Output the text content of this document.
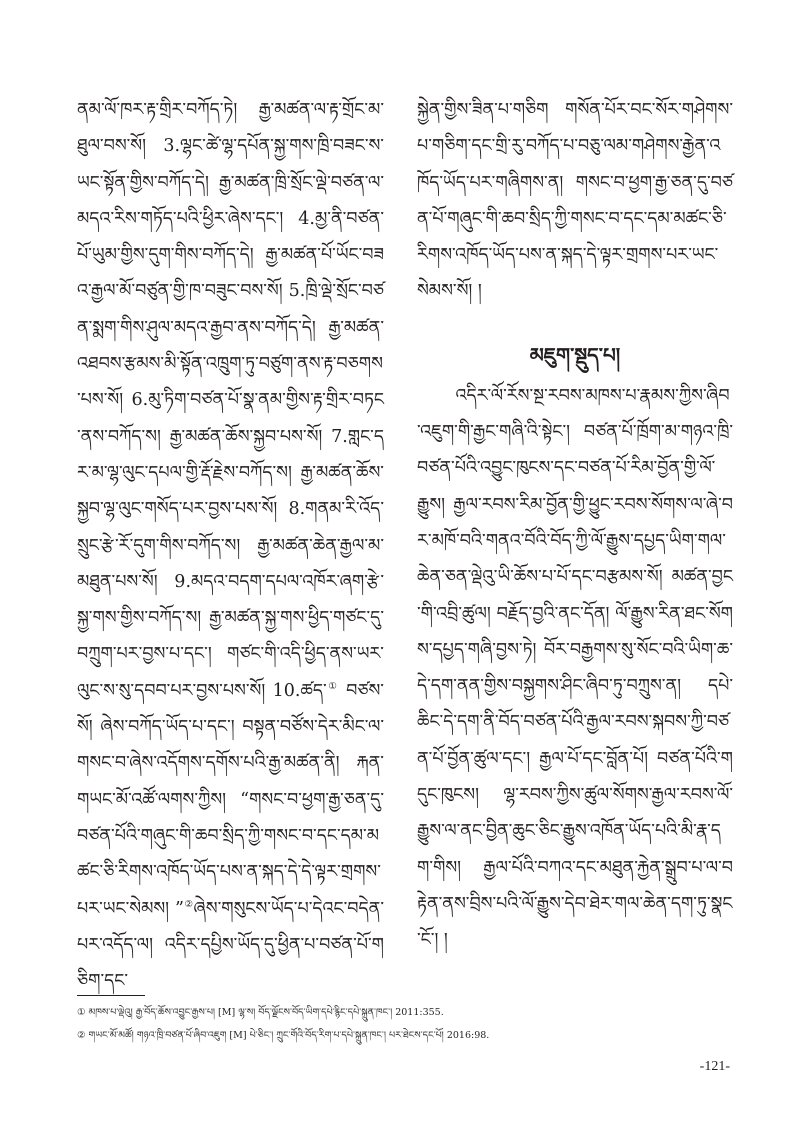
ནམ་ལོ་ཁར་རྟ་གྲིར་བཀོད་ཏེ། རྒྱ་མཚན་ལ་རྟ་གྲོང་མ་ཐུལ་བས་སོ། 3.ལྷང་ཚེ་ལྷ་དཔོན་སྐྱ་གས་ཁྲི་བཟང་ས་ཡང་སྟོན་གྱིས་བཀོད་དེ། རྒྱ་མཚན་ཁྲི་སྲོང་ལྡེ་བཙན་ལ་མདའ་རིས་གཏོད་པའི་ཕྱིར་ཞེས་དང་། 4.མྱ་ནི་བཙན་པོ་ཡུམ་གྱིས་དུག་གིས་བཀོད་དེ། རྒྱ་མཚན་པོ་ཡོང་བཟའ་རྒྱལ་མོ་བཙུན་གྱི་ཁ་བཟུང་བས་སོ། 5.ཁྲི་ལྡེ་སྲོང་བཙན་སྨག་གིས་ཤུལ་མདའ་རྒྱབ་ནས་བཀོད་དེ། རྒྱ་མཚན་འཐབས་རྩམས་མི་སྟོན་འཁྲུག་ཏུ་བཙུག་ནས་རྟ་བཅགས་པས་སོ། 6.མུ་ཏིག་བཙན་པོ་སྣ་ནམ་གྱིས་རྟ་གྲིར་བཏང་ནས་བཀོད་ས། རྒྱ་མཚན་ཆོས་སྐྱབ་པས་སོ། 7.གླང་དར་མ་ལྷ་ལུང་དཔལ་གྱི་རྡོ་རྗེས་བཀོད་ས། རྒྱ་མཚན་ཆོས་སྐྱབ་ལྷ་ལུང་གསོད་པར་བྱས་པས་སོ། 8.གནམ་རི་འོད་སྲུང་རྩེ་རོ་དུག་གིས་བཀོད་ས། རྒྱ་མཚན་ཆེན་རྒྱལ་མ་མཐུན་པས་སོ། 9.མདའ་བདག་དཔལ་འཁོར་ཞག་རྩེ་སྐྱ་གས་གྱིས་བཀོད་ས། རྒྱ་མཚན་སྐྱ་གས་ཕྱིད་གཙང་དུ་བཀྲུག་པར་བྱས་པ་དང་། གཙང་གི་འདི་ཕྱིད་ནས་ཡར་ལུང་ས་སུ་དབབ་པར་བྱས་པས་སོ། 10.ཚད་① བཙས་སོ། ཞེས་བཀོད་ཡོད་པ་དང་། བསྟན་བཙོས་དེར་མིང་ལ་གསང་བ་ཞེས་འདོགས་དགོས་པའི་རྒྱ་མཚན་ནི། རྐན་གཡང་མོ་འཚོ་ལགས་ཀྱིས། “གསང་བ་ཕྱག་རྒྱ་ཅན་དུ་བཙན་པོའི་གཞུང་གི་ཆབ་སྲིད་ཀྱི་གསང་བ་དང་དམ་མཚང་ཅི་རིགས་འཁོད་ཡོད་པས་ན་སྐད་དེ་དེ་ལྟར་གྲགས་པར་ཡང་སེམས། ”②ཞེས་གསུངས་ཡོད་པ་དེའང་བདེན་པར་འདོད་ལ། འདིར་དཔྱིས་ཡོད་དུ་ཕྱིན་པ་བཙན་པོ་གཅིག་དང་

སྐྱེན་གྱིས་ཟིན་པ་གཅིག གསོན་པོར་བང་སོར་གཤེགས་པ་གཅིག་དང་གྲི་རུ་བཀོད་པ་བཅུ་ལམ་གཤེགས་རྒྱེན་འཁོད་ཡོད་པར་གཞིགས་ན། གསང་བ་ཕྱག་རྒྱ་ཅན་དུ་བཙན་པོ་གཞུང་གི་ཆབ་སྲིད་ཀྱི་གསང་བ་དང་དམ་མཚང་ཅི་རིགས་འཁོད་ཡོད་པས་ན་སྐད་དེ་ལྟར་གྲགས་པར་ཡང་སེམས་སོ། །

མཇུག་སྡུད་པ།

འདིར་ལོ་རོས་སྔ་རབས་མཁས་པ་རྣམས་ཀྱིས་ཞིབ་འཇུག་གི་རྒྱང་གཞི་འི་སྟེང་། བཙན་པོ་ཁྲོག་མ་གཉའ་ཁྲི་བཙན་པོའི་འབྱུང་ཁུངས་དང་བཙན་པོ་རིམ་བྱོན་གྱི་ལོ་རྒྱུས། རྒྱལ་རབས་རིམ་བྱོན་གྱི་ཕྱུང་རབས་སོགས་ལ་ཞེ་བར་མཁོ་བའི་གནའ་བོའི་བོད་ཀྱི་ལོ་རྒྱུས་དཔྱད་ཡིག་གལ་ཆེན་ཅན་ལྡེའུ་ཡི་ཆོས་པ་པོ་དང་བརྩམས་སོ། མཚན་བྱང་གི་འབྲི་ཚུལ། བརྗོད་བྱའི་ནང་དོན། ལོ་རྒྱུས་རིན་ཐང་སོགས་དཔྱད་གཞི་བྱས་ཏེ། བོར་བརྒྱགས་སུ་སོང་བའི་ཡིག་ཆ་དེ་དག་ནན་གྱིས་བསྐྱགས་ཤིང་ཞིབ་ཏུ་བཀྲུས་ན། དཔེ་ཆིང་དེ་དག་ནི་བོད་བཙན་པོའི་རྒྱལ་རབས་སྐབས་ཀྱི་བཙན་པོ་བྱོན་ཚུལ་དང་། རྒྱལ་པོ་དང་བློན་པོ། བཙན་པོའི་གདུང་ཁུངས། ལྷ་རབས་ཀྱིས་ཚུལ་སོགས་རྒྱལ་རབས་ལོ་རྒྱུས་ལ་ནང་བྱིན་ཆུང་ཅིང་རྒྱུས་འཁོན་ཡོད་པའི་མི་རྣ་དག་གིས། རྒྱལ་པོའི་བཀའ་དང་མཐུན་རྐྱེན་སྒྲུབ་པ་ལ་བརྟེན་ནས་བྲིས་པའི་ལོ་རྒྱུས་དེབ་ཐེར་གལ་ཆེན་དག་ཏུ་སྣང་ངོ་། །

① མཁས་པ་ལྡེའུ། རྒྱ་བོད་ཆོས་འབྱུང་རྒྱས་པ། [M] ལྷ་ས། བོད་ལྗོངས་བོད་ཡིག་དཔེ་རྙིང་དཔེ་སྐྲུན་ཁང་། 2011:355.
② གཡང་མོ་མཚོ། གཉའ་ཁྲི་བཙན་པོ་ཞིབ་འཇུག [M] པེ་ཅིང་། ཀྲུང་གོའི་བོད་རིག་པ་དཔེ་སྐྲུན་ཁང་། པར་ཐེངས་དང་པོ། 2016:98.
-121-
